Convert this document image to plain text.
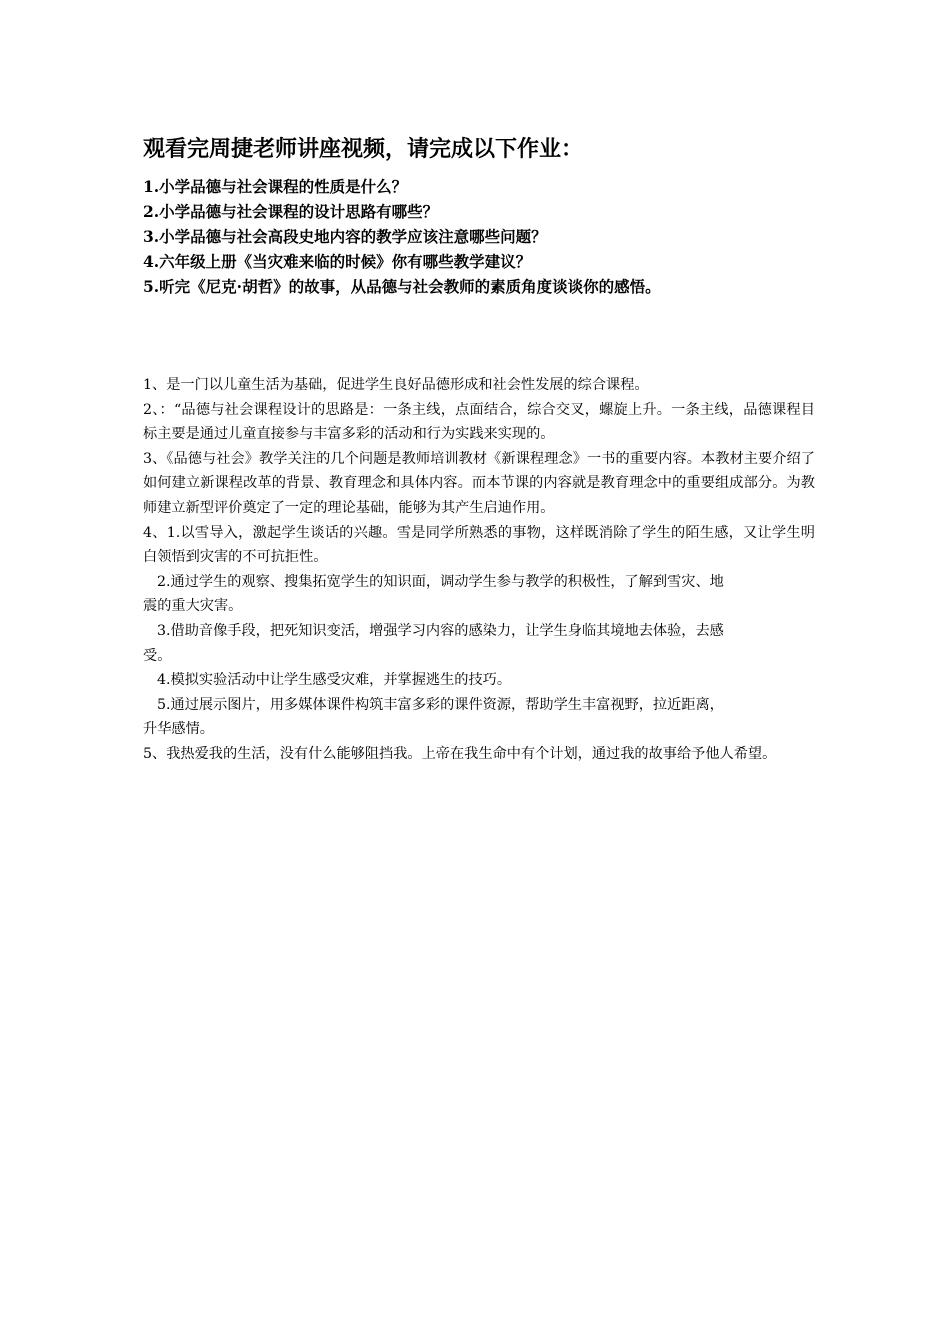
观看完周捷老师讲座视频，请完成以下作业：
1.小学品德与社会课程的性质是什么？
2.小学品德与社会课程的设计思路有哪些？
3.小学品德与社会高段史地内容的教学应该注意哪些问题？
4.六年级上册《当灾难来临的时候》你有哪些教学建议？
5.听完《尼克·胡哲》的故事，从品德与社会教师的素质角度谈谈你的感悟。

1、是一门以儿童生活为基础，促进学生良好品德形成和社会性发展的综合课程。

2、：“品德与社会课程设计的思路是：一条主线，点面结合，综合交叉，螺旋上升。一条主线，品德课程目标主要是通过儿童直接参与丰富多彩的活动和行为实践来实现的。

3、《品德与社会》教学关注的几个问题是教师培训教材《新课程理念》一书的重要内容。本教材主要介绍了如何建立新课程改革的背景、教育理念和具体内容。而本节课的内容就是教育理念中的重要组成部分。为教师建立新型评价奠定了一定的理论基础，能够为其产生启迪作用。

4、1.以雪导入，激起学生谈话的兴趣。雪是同学所熟悉的事物，这样既消除了学生的陌生感，又让学生明白领悟到灾害的不可抗拒性。

2.通过学生的观察、搜集拓宽学生的知识面，调动学生参与教学的积极性，了解到雪灾、地
震的重大灾害。

3.借助音像手段，把死知识变活，增强学习内容的感染力，让学生身临其境地去体验，去感
受。

4.模拟实验活动中让学生感受灾难，并掌握逃生的技巧。

5.通过展示图片，用多媒体课件构筑丰富多彩的课件资源，帮助学生丰富视野，拉近距离，
升华感情。

5、我热爱我的生活，没有什么能够阻挡我。上帝在我生命中有个计划，通过我的故事给予他人希望。
